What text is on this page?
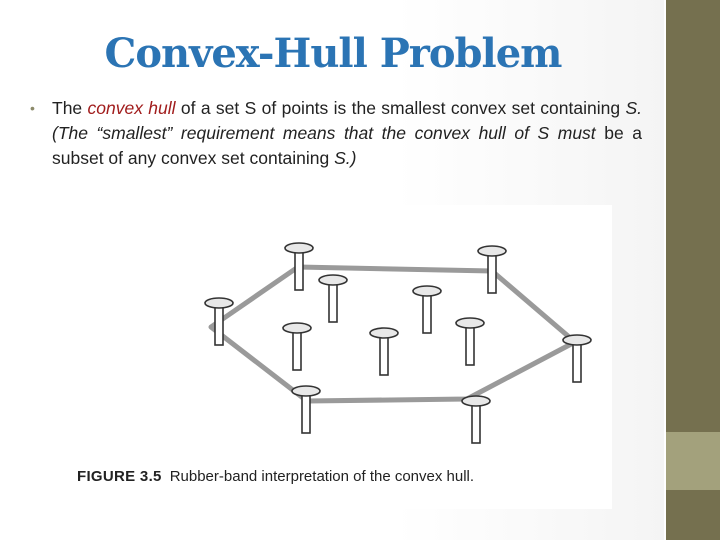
Convex-Hull Problem
• The convex hull of a set S of points is the smallest convex set containing S. (The “smallest” requirement means that the convex hull of S must be a subset of any convex set containing S.)
FIGURE 3.5 Rubber-band interpretation of the convex hull.
